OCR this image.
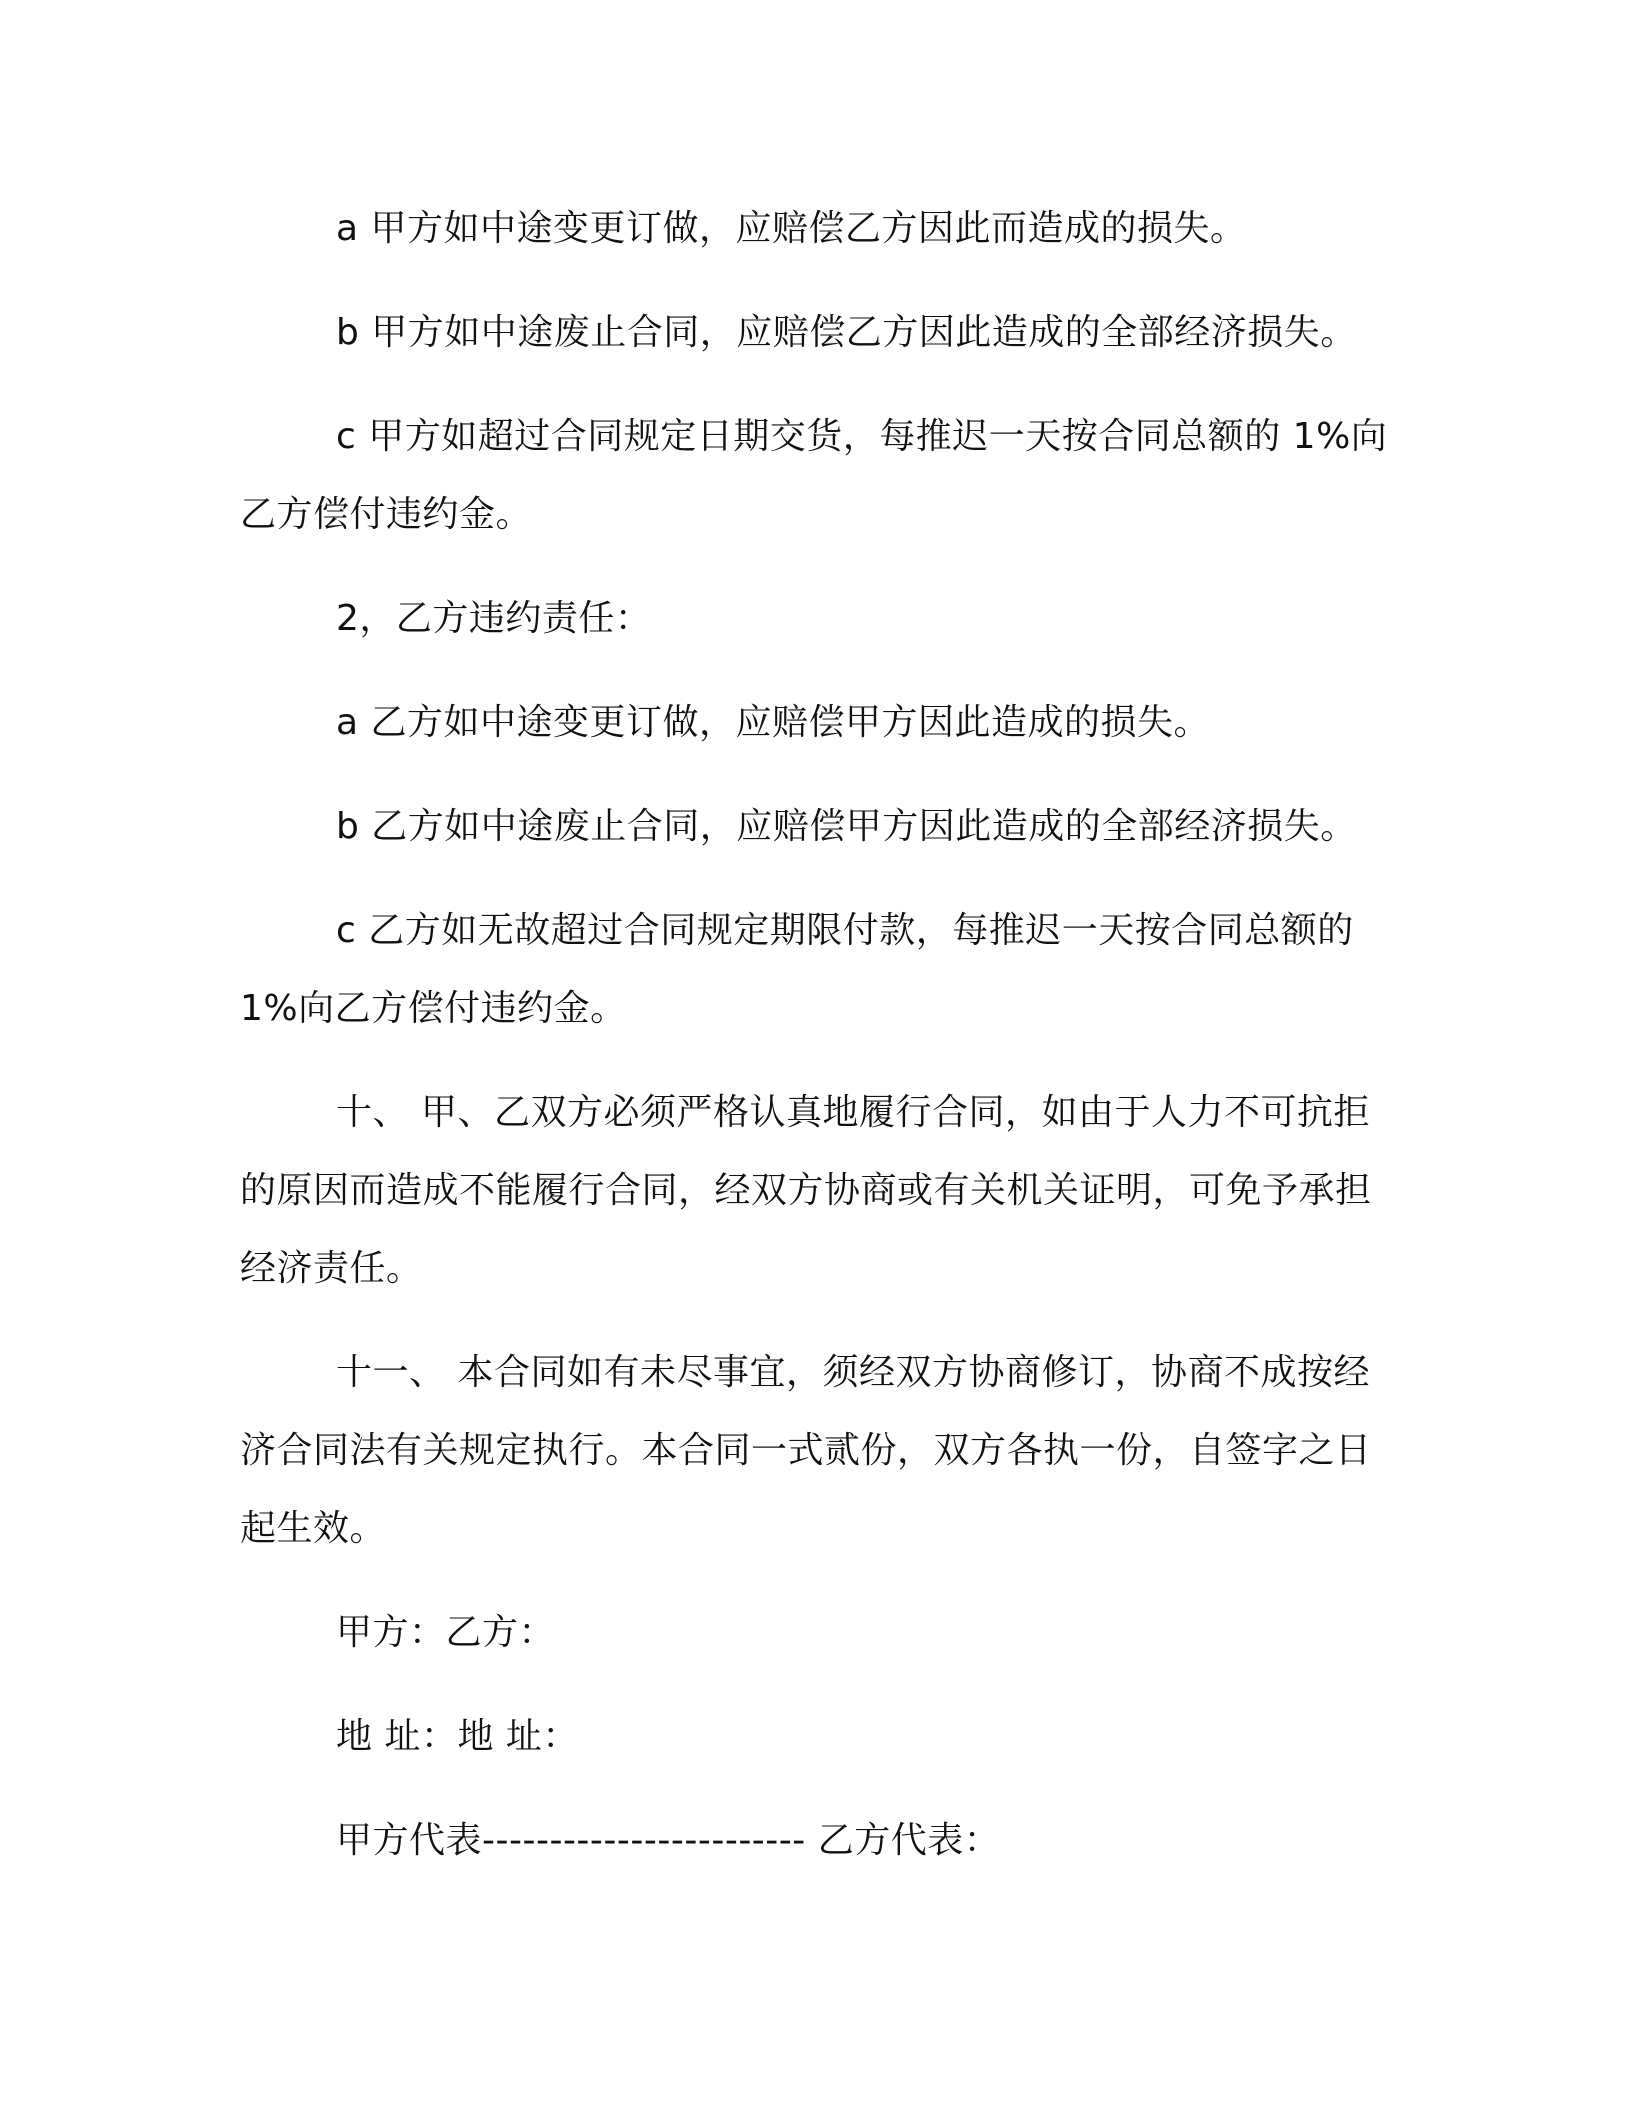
a 甲方如中途变更订做，应赔偿乙方因此而造成的损失。

b 甲方如中途废止合同，应赔偿乙方因此造成的全部经济损失。

c 甲方如超过合同规定日期交货，每推迟一天按合同总额的 1%向乙方偿付违约金。

2，乙方违约责任：

a 乙方如中途变更订做，应赔偿甲方因此造成的损失。

b 乙方如中途废止合同，应赔偿甲方因此造成的全部经济损失。

c 乙方如无故超过合同规定期限付款，每推迟一天按合同总额的1%向乙方偿付违约金。

十、 甲、乙双方必须严格认真地履行合同，如由于人力不可抗拒的原因而造成不能履行合同，经双方协商或有关机关证明，可免予承担经济责任。

十一、 本合同如有未尽事宜，须经双方协商修订，协商不成按经济合同法有关规定执行。本合同一式贰份，双方各执一份，自签字之日起生效。

甲方：乙方：

地 址：地 址：

甲方代表------------------------ 乙方代表：
